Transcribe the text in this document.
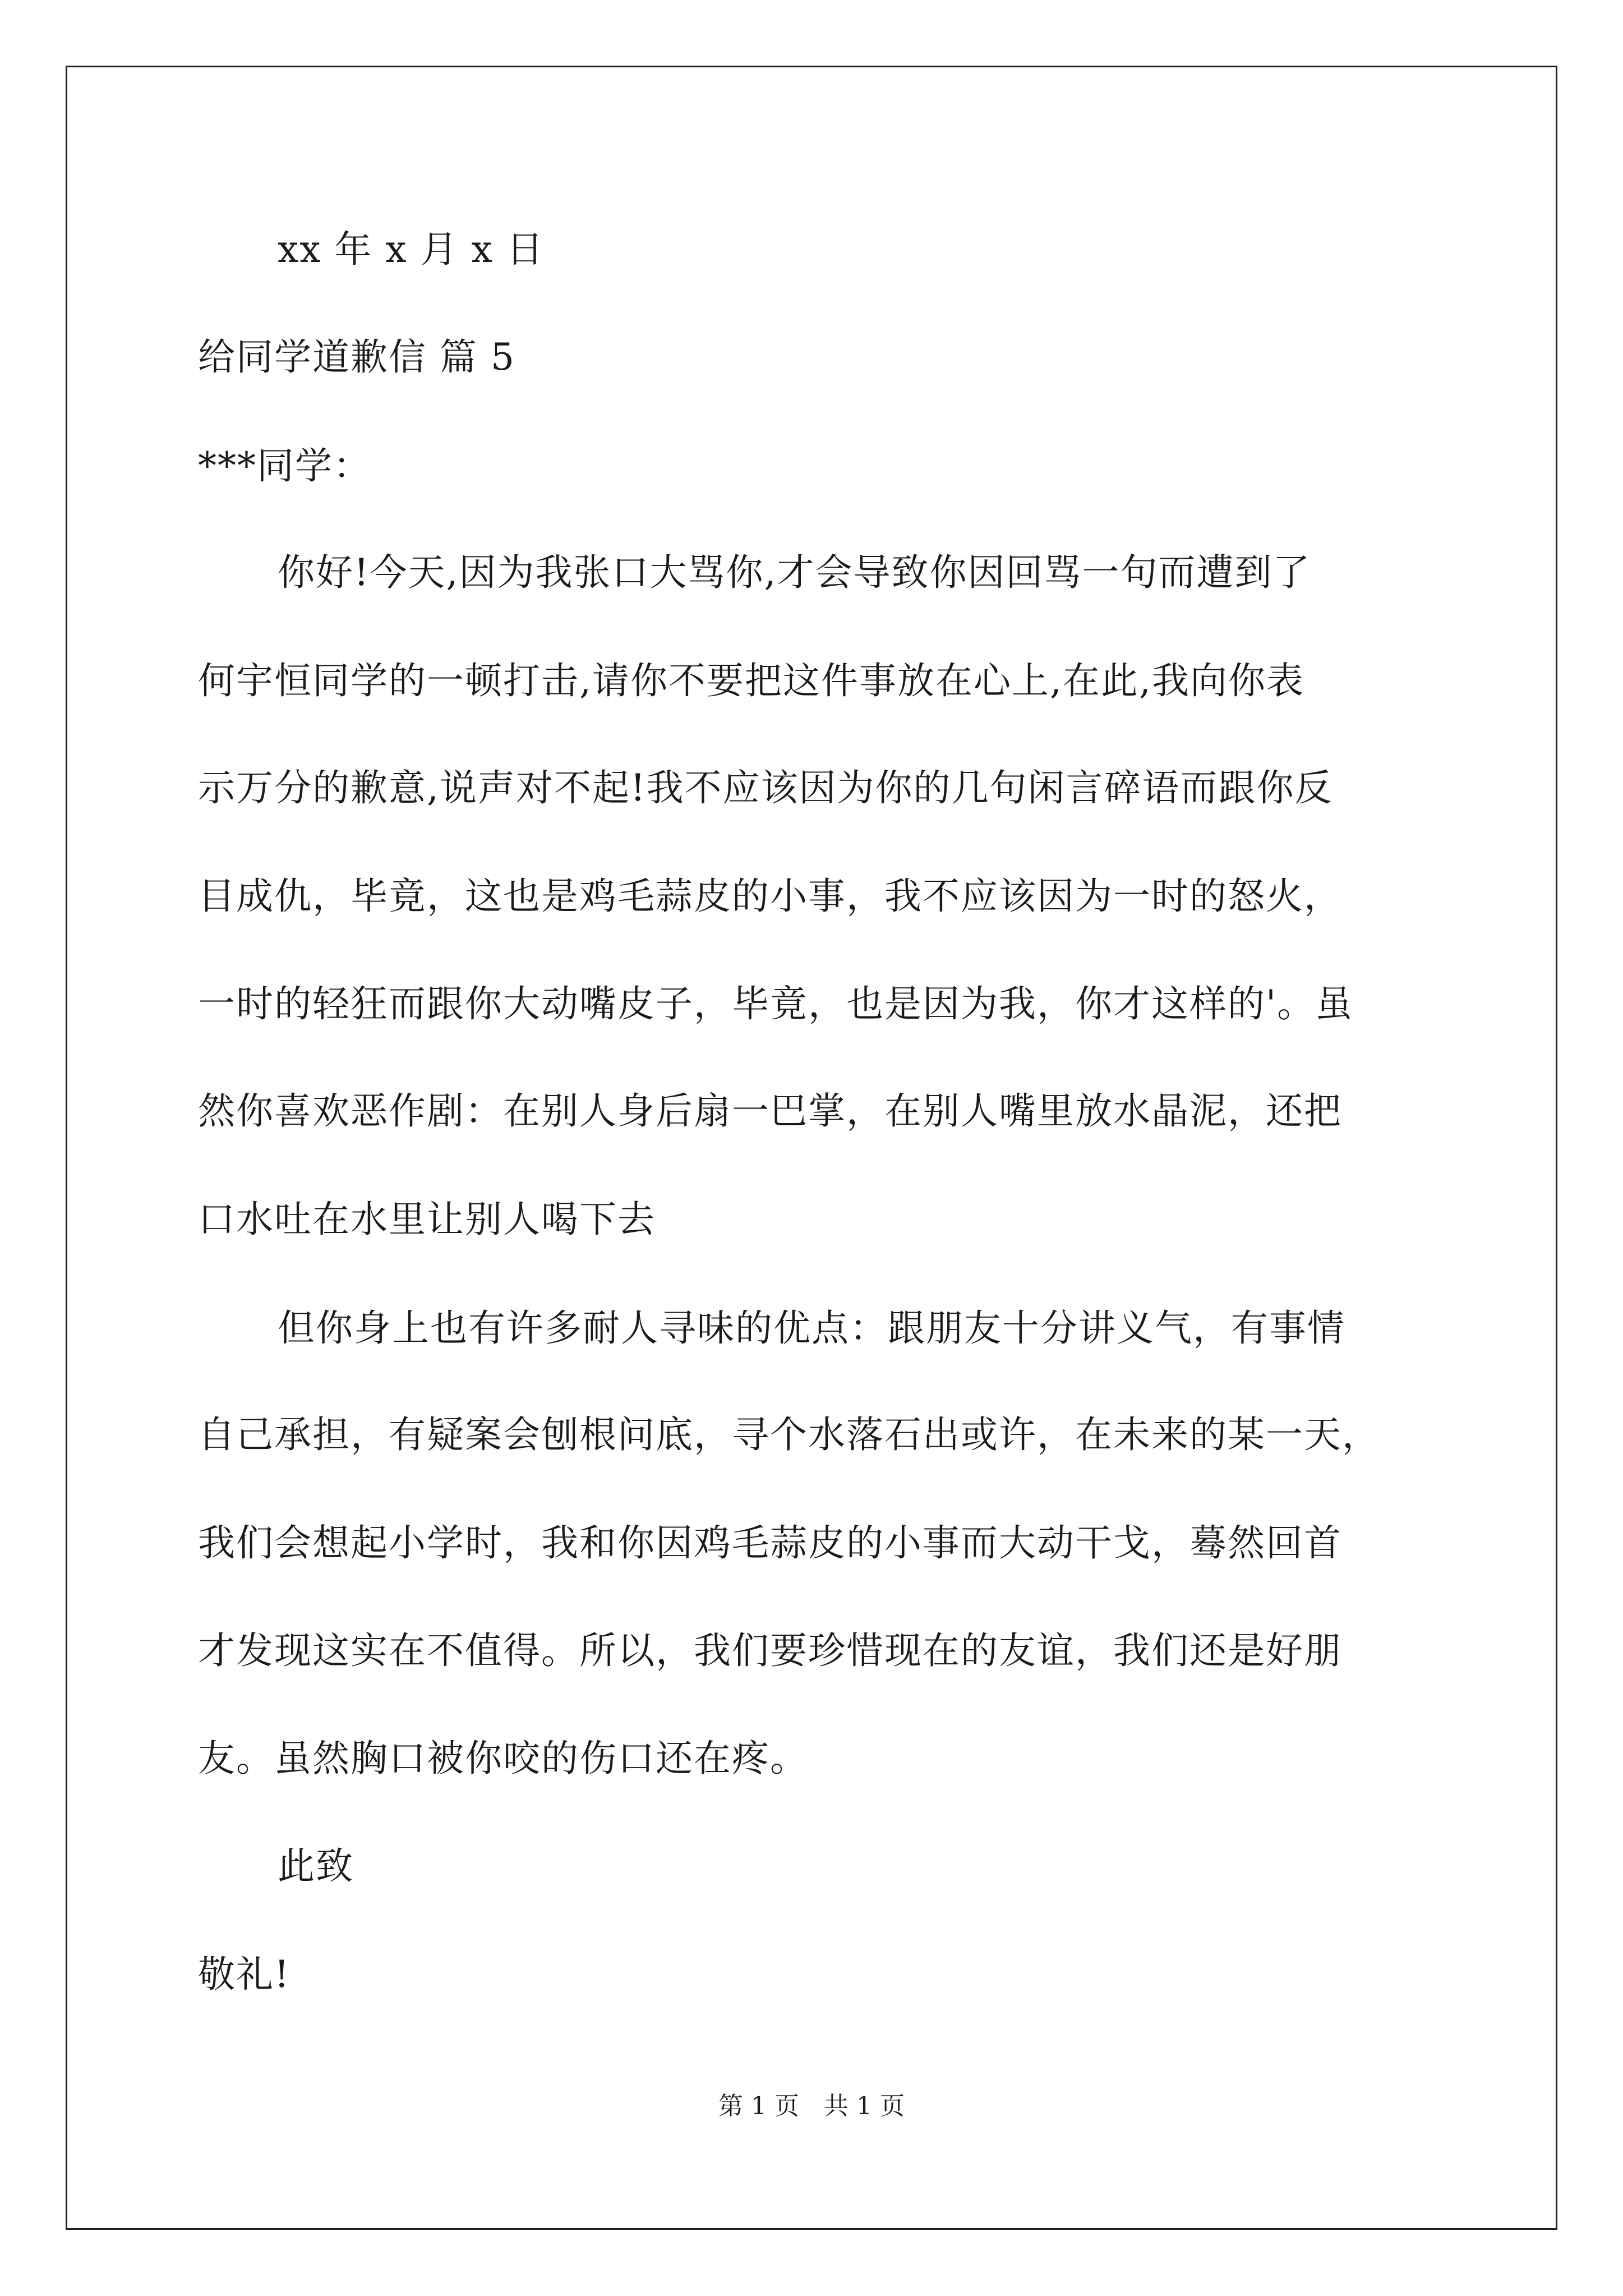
xx 年 x 月 x 日
给同学道歉信 篇 5
***同学：
你好!今天,因为我张口大骂你,才会导致你因回骂一句而遭到了
何宇恒同学的一顿打击,请你不要把这件事放在心上,在此,我向你表
示万分的歉意,说声对不起!我不应该因为你的几句闲言碎语而跟你反
目成仇，毕竟，这也是鸡毛蒜皮的小事，我不应该因为一时的怒火，
一时的轻狂而跟你大动嘴皮子，毕竟，也是因为我，你才这样的'。虽
然你喜欢恶作剧：在别人身后扇一巴掌，在别人嘴里放水晶泥，还把
口水吐在水里让别人喝下去
但你身上也有许多耐人寻味的优点：跟朋友十分讲义气，有事情
自己承担，有疑案会刨根问底，寻个水落石出或许，在未来的某一天，
我们会想起小学时，我和你因鸡毛蒜皮的小事而大动干戈，蓦然回首
才发现这实在不值得。所以，我们要珍惜现在的友谊，我们还是好朋
友。虽然胸口被你咬的伤口还在疼。
此致
敬礼!
第 1 页　共 1 页
